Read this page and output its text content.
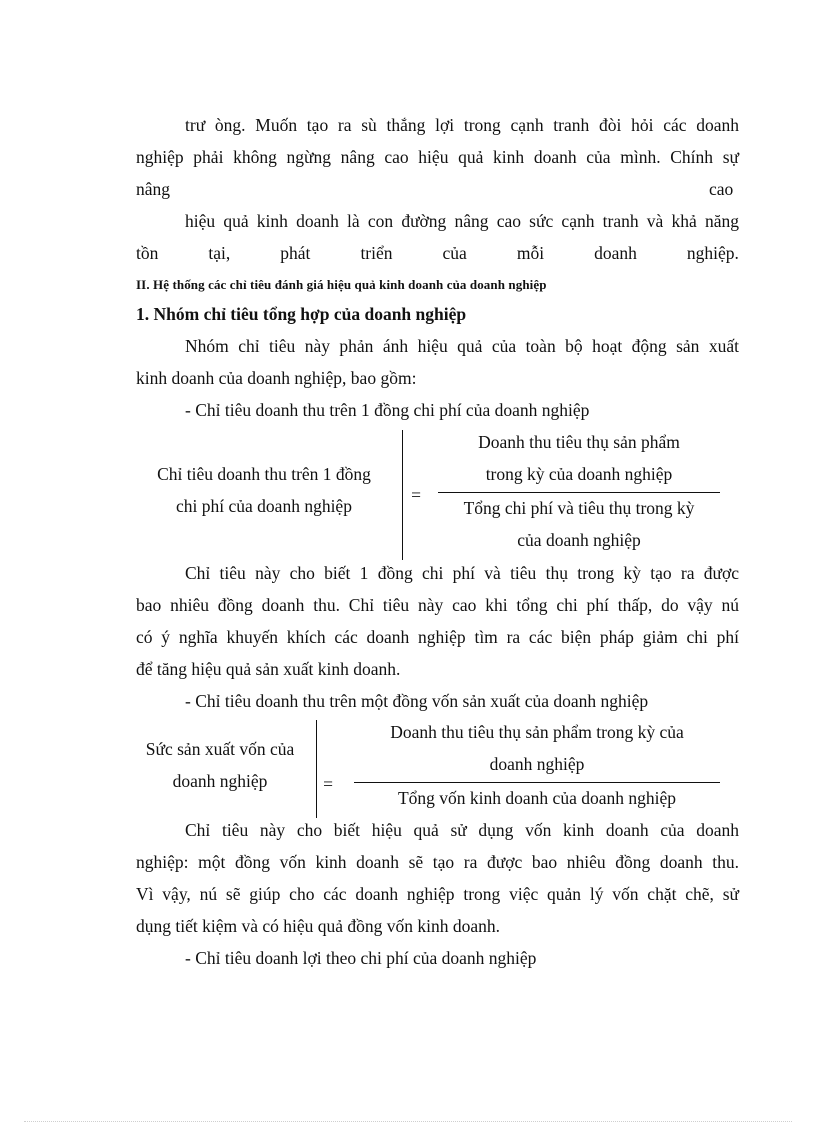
trư òng. Muốn tạo ra sù thắng lợi trong cạnh tranh đòi hỏi các doanh
nghiệp phải không ngừng nâng cao hiệu quả kinh doanh của mình. Chính sự
nâng	cao
hiệu quả kinh doanh là con đường nâng cao sức cạnh tranh và khả năng
tồn	tại,	phát	triển	của	mỗi	doanh	nghiệp.
II. Hệ thống các chỉ tiêu đánh giá hiệu quả kinh doanh của doanh nghiệp
1. Nhóm chỉ tiêu tổng hợp của doanh nghiệp
Nhóm chỉ tiêu này phản ánh hiệu quả của toàn bộ hoạt động sản xuất
kinh doanh của doanh nghiệp, bao gồm:
- Chỉ tiêu doanh thu trên 1 đồng chi phí của doanh nghiệp
Chỉ tiêu doanh thu trên 1 đồng
chi phí của doanh nghiệp
=
Doanh thu tiêu thụ sản phẩm
trong kỳ của doanh nghiệp
Tổng chi phí và tiêu thụ trong kỳ
của doanh nghiệp
Chỉ tiêu này cho biết 1 đồng chi phí và tiêu thụ trong kỳ tạo ra được
bao nhiêu đồng doanh thu. Chỉ tiêu này cao khi tổng chi phí thấp, do vậy nú
có ý nghĩa khuyến khích các doanh nghiệp tìm ra các biện pháp giảm chi phí
để tăng hiệu quả sản xuất kinh doanh.
- Chỉ tiêu doanh thu trên một đồng vốn sản xuất của doanh nghiệp
Sức sản xuất vốn của
doanh nghiệp	=
Doanh thu tiêu thụ sản phẩm trong kỳ của
doanh nghiệp
Tổng vốn kinh doanh của doanh nghiệp
Chỉ tiêu này cho biết hiệu quả sử dụng vốn kinh doanh của doanh
nghiệp: một đồng vốn kinh doanh sẽ tạo ra được bao nhiêu đồng doanh thu.
Vì vậy, nú sẽ giúp cho các doanh nghiệp trong việc quản lý vốn chặt chẽ, sử
dụng tiết kiệm và có hiệu quả đồng vốn kinh doanh.
- Chỉ tiêu doanh lợi theo chi phí của doanh nghiệp
